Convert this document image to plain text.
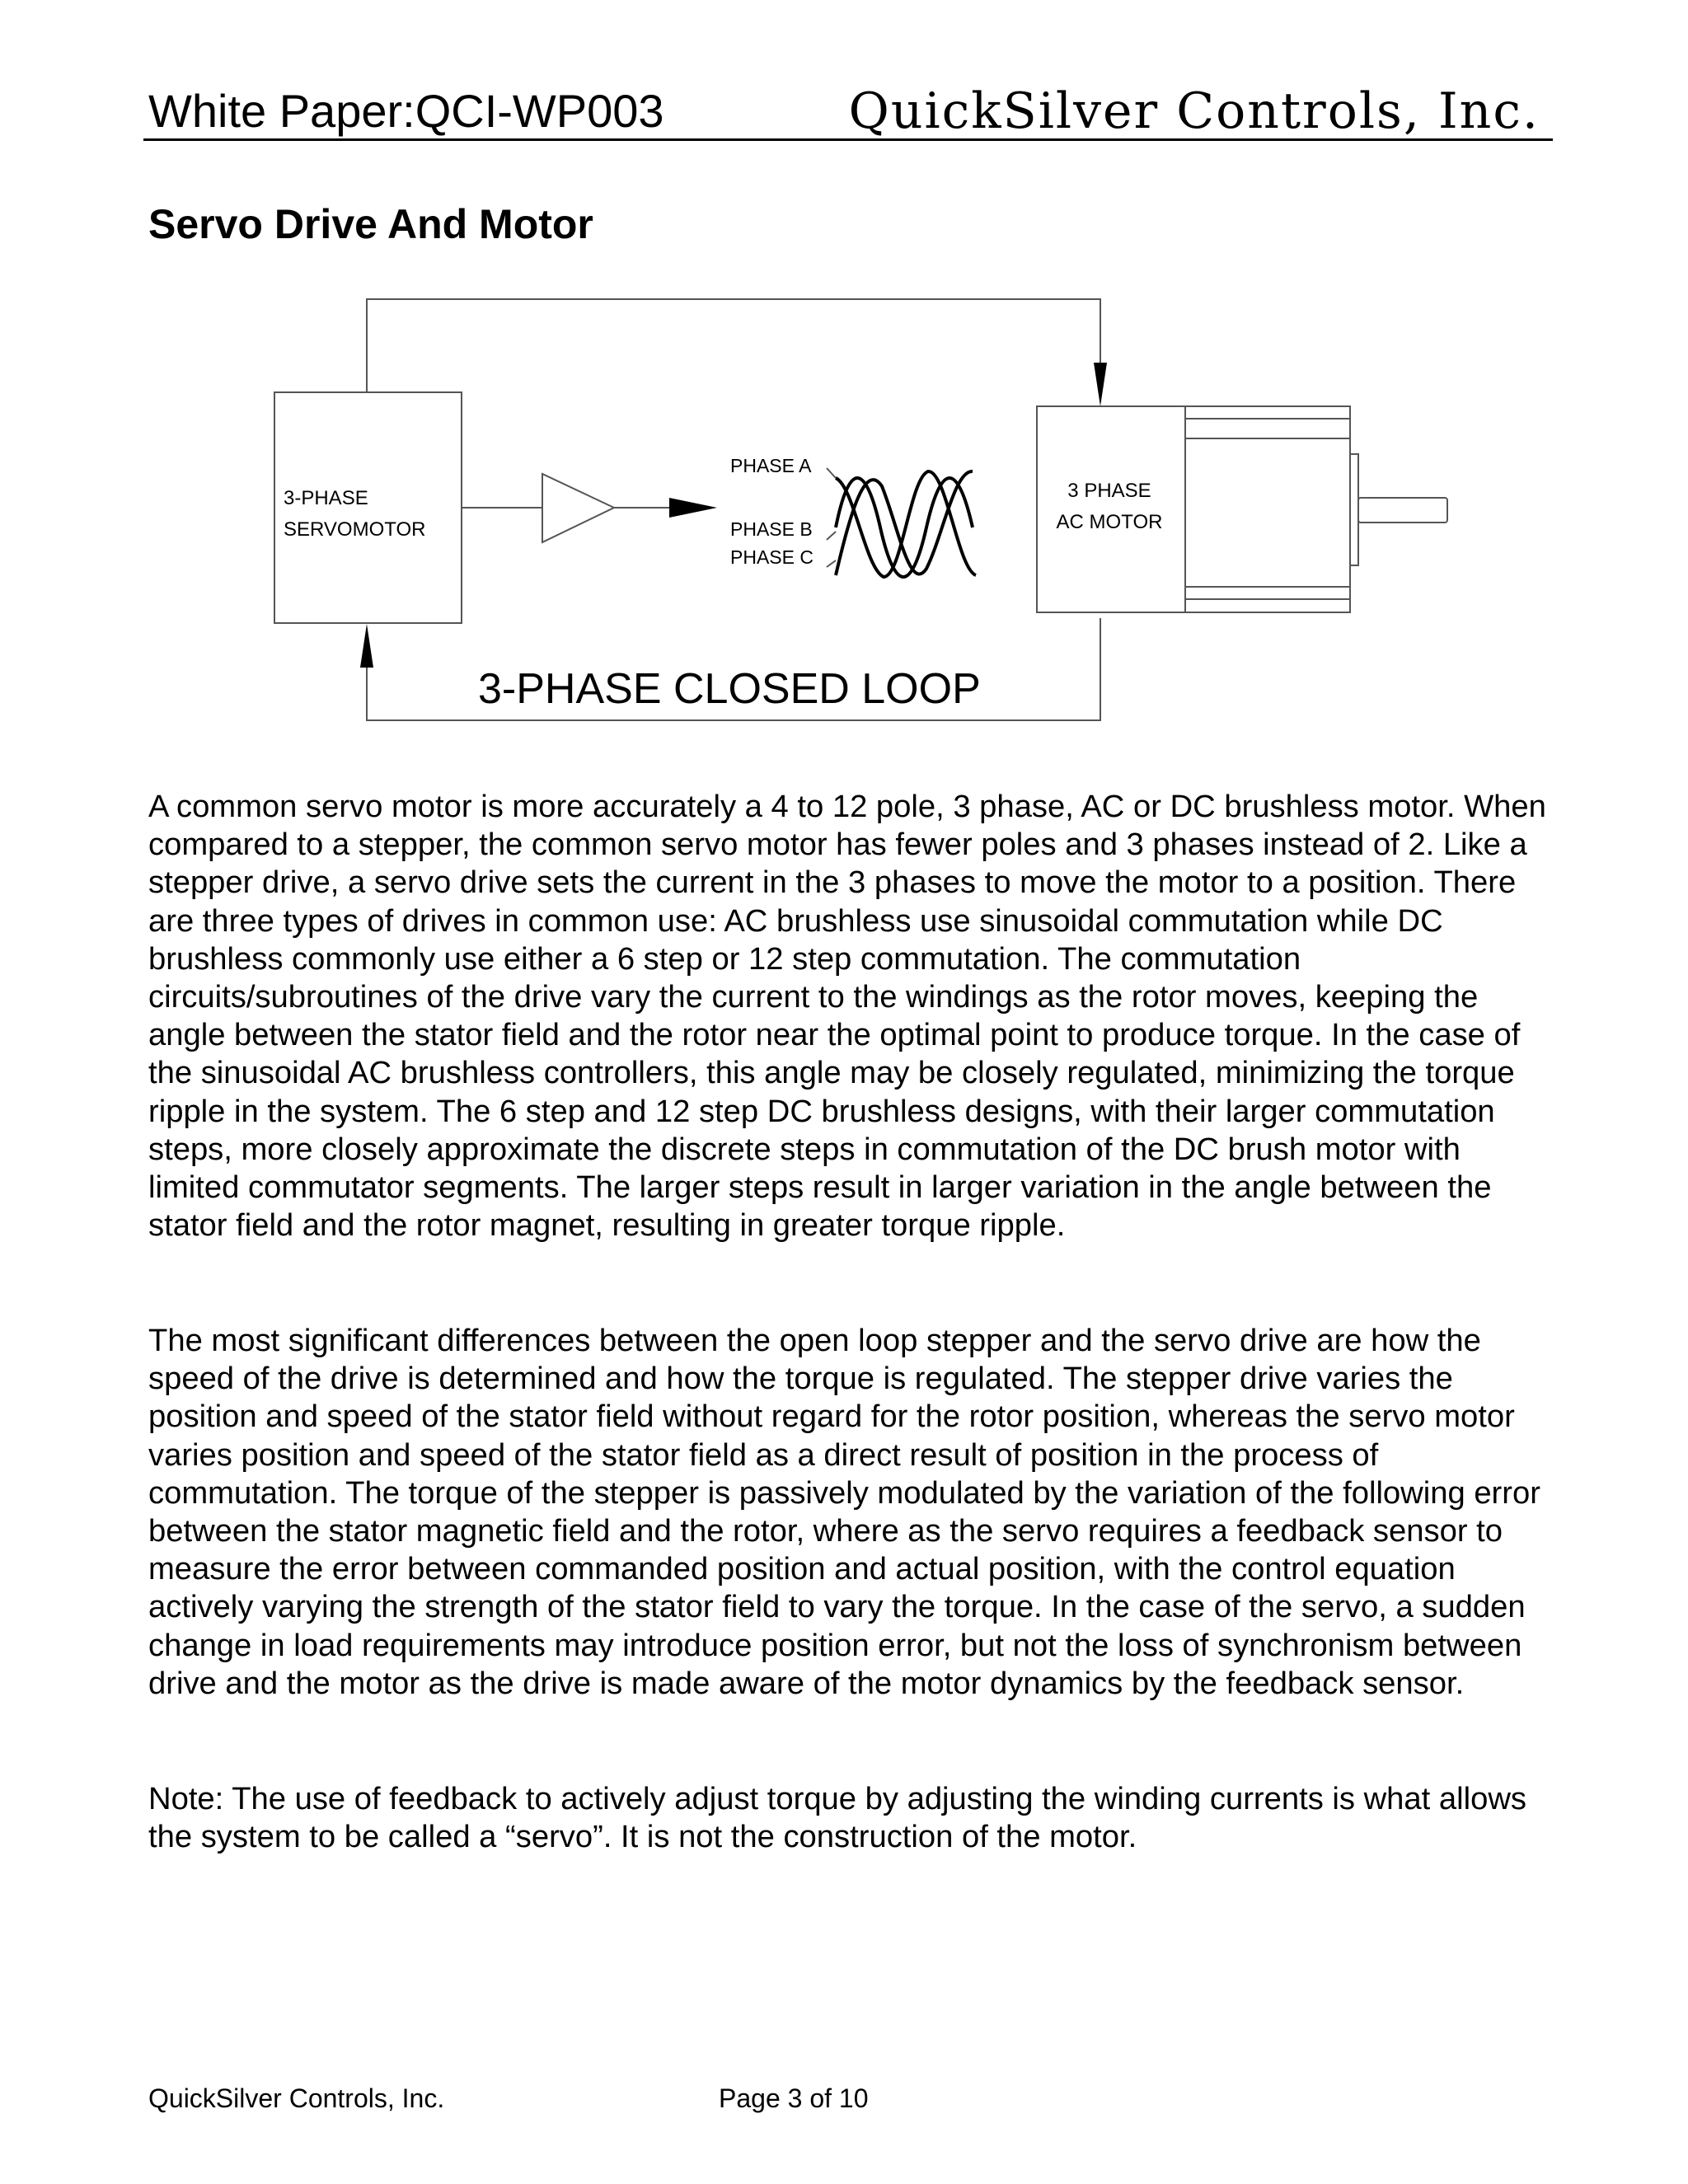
White Paper:QCI-WP003	QuickSilver Controls, Inc.
Servo Drive And Motor
3-PHASE
SERVOMOTOR
PHASE A
PHASE B
PHASE C
3 PHASE
AC MOTOR
3-PHASE CLOSED LOOP

A common servo motor is more accurately a 4 to 12 pole, 3 phase, AC or DC brushless motor. When compared to a stepper, the common servo motor has fewer poles and 3 phases instead of 2. Like a stepper drive, a servo drive sets the current in the 3 phases to move the motor to a position. There are three types of drives in common use: AC brushless use sinusoidal commutation while DC brushless commonly use either a 6 step or 12 step commutation. The commutation circuits/subroutines of the drive vary the current to the windings as the rotor moves, keeping the angle between the stator field and the rotor near the optimal point to produce torque. In the case of the sinusoidal AC brushless controllers, this angle may be closely regulated, minimizing the torque ripple in the system. The 6 step and 12 step DC brushless designs, with their larger commutation steps, more closely approximate the discrete steps in commutation of the DC brush motor with limited commutator segments. The larger steps result in larger variation in the angle between the stator field and the rotor magnet, resulting in greater torque ripple.

The most significant differences between the open loop stepper and the servo drive are how the speed of the drive is determined and how the torque is regulated. The stepper drive varies the position and speed of the stator field without regard for the rotor position, whereas the servo motor varies position and speed of the stator field as a direct result of position in the process of commutation. The torque of the stepper is passively modulated by the variation of the following error between the stator magnetic field and the rotor, where as the servo requires a feedback sensor to measure the error between commanded position and actual position, with the control equation actively varying the strength of the stator field to vary the torque. In the case of the servo, a sudden change in load requirements may introduce position error, but not the loss of synchronism between drive and the motor as the drive is made aware of the motor dynamics by the feedback sensor.

Note: The use of feedback to actively adjust torque by adjusting the winding currents is what allows the system to be called a “servo”. It is not the construction of the motor.

QuickSilver Controls, Inc.	Page 3 of 10
